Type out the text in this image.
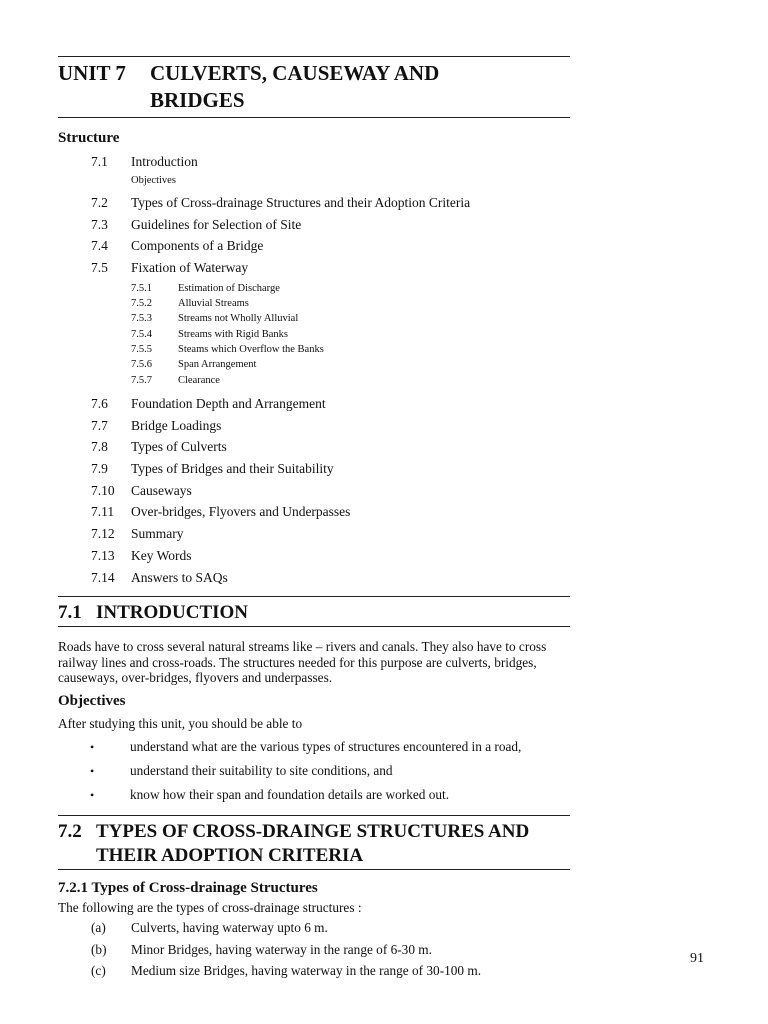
UNIT 7	CULVERTS, CAUSEWAY AND
BRIDGES
Structure
7.1	Introduction
Objectives
7.2	Types of Cross-drainage Structures and their Adoption Criteria
7.3	Guidelines for Selection of Site
7.4	Components of a Bridge
7.5	Fixation of Waterway
7.5.1	Estimation of Discharge
7.5.2	Alluvial Streams
7.5.3	Streams not Wholly Alluvial
7.5.4	Streams with Rigid Banks
7.5.5	Steams which Overflow the Banks
7.5.6	Span Arrangement
7.5.7	Clearance
7.6	Foundation Depth and Arrangement
7.7	Bridge Loadings
7.8	Types of Culverts
7.9	Types of Bridges and their Suitability
7.10	Causeways
7.11	Over-bridges, Flyovers and Underpasses
7.12	Summary
7.13	Key Words
7.14	Answers to SAQs
7.1 INTRODUCTION
Roads have to cross several natural streams like – rivers and canals. They also have to cross railway lines and cross-roads. The structures needed for this purpose are culverts, bridges, causeways, over-bridges, flyovers and underpasses.
Objectives
After studying this unit, you should be able to
•	understand what are the various types of structures encountered in a road,
•	understand their suitability to site conditions, and
•	know how their span and foundation details are worked out.
7.2 TYPES OF CROSS-DRAINGE STRUCTURES AND
THEIR ADOPTION CRITERIA
7.2.1 Types of Cross-drainage Structures
The following are the types of cross-drainage structures :
(a)	Culverts, having waterway upto 6 m.
(b)	Minor Bridges, having waterway in the range of 6-30 m.
(c)	Medium size Bridges, having waterway in the range of 30-100 m.
91
